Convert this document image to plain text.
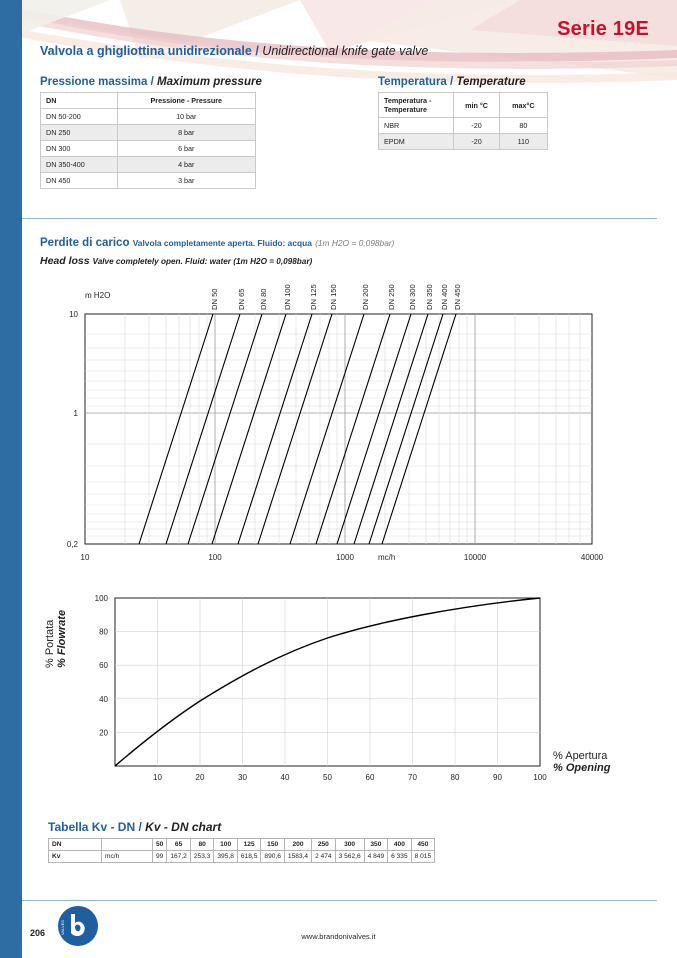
Serie 19E
Valvola a ghigliottina unidirezionale / Unidirectional knife gate valve
Pressione massima / Maximum pressure
DN	Pressione - Pressure
DN 50-200	10 bar
DN 250	8 bar
DN 300	6 bar
DN 350-400	4 bar
DN 450	3 bar
Temperatura / Temperature
Temperatura - Temperature	min °C	max°C
NBR	-20	80
EPDM	-20	110
Perdite di carico Valvola completamente aperta. Fluido: acqua (1m H2O = 0,098bar)
Head loss Valve completely open. Fluid: water (1m H2O = 0,098bar)
DN 50 DN 65 DN 80 DN 100 DN 125 DN 150	DN 200 DN 250 DN 300 DN 350 DN 400 DN 450
10
1
0,2
m H2O
10	100	1000	10000	40000
mc/h
100
80
60
40
20
10	20	30	40	50	60	70	80	90	100
% Portata % Flowrate
% Apertura
% Opening
Tabella Kv - DN / Kv - DN chart
DN		50	65	80	100	125	150	200	250	300	350	400	450
Kv	mc/h	99	167,2	253,3	395,8	618,5	890,6	1583,4	2 474	3 562,6	4 849	6 335	8 015
206	VALVES
www.brandonivalves.it
